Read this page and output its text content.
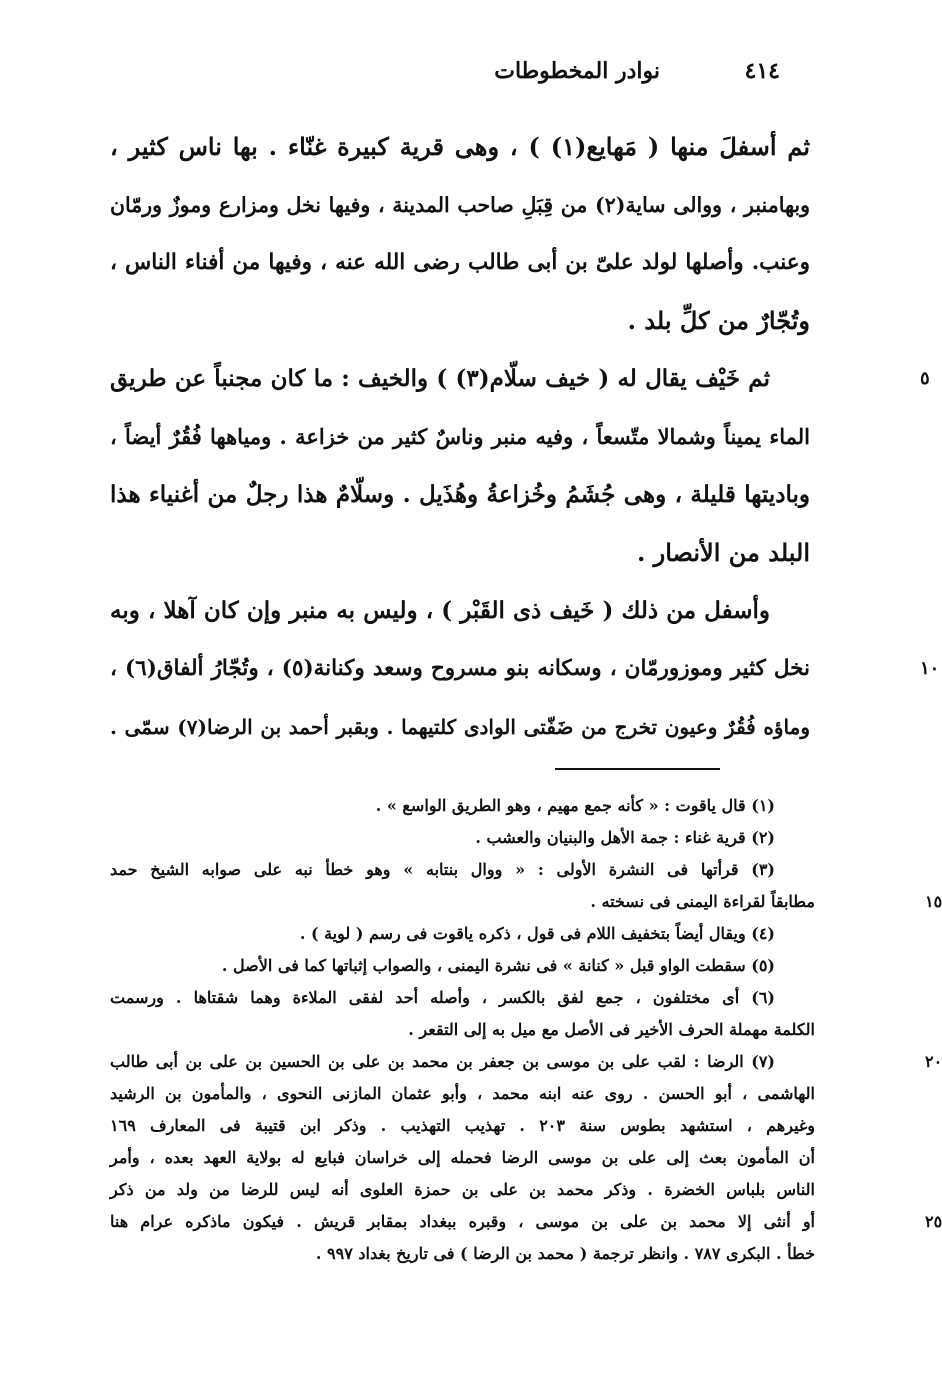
٤١٤
نوادر المخطوطات
ثم أسفلَ منها ( مَهايع(١) ) ، وهى قرية كبيرة غنّاء . بها ناس كثير ،
وبهامنبر ، ووالى ساية(٢) من قِبَلِ صاحب المدينة ، وفيها نخل ومزارع وموزٌ ورمّان
وعنب. وأصلها لولد علىّ بن أبى طالب رضى الله عنه ، وفيها من أفناء الناس ،
وتُجّارٌ من كلِّ بلد .
٥
ثم خَيْف يقال له ( خيف سلّام(٣) ) والخيف : ما كان مجنباً عن طريق
الماء يميناً وشمالا متّسعاً ، وفيه منبر وناسٌ كثير من خزاعة . ومياهها فُقُرٌ أيضاً ،
وباديتها قليلة ، وهى جُشَمُ وخُزاعةُ وهُذَيل . وسلّامٌ هذا رجلٌ من أغنياء هذا
البلد من الأنصار .
وأسفل من ذلك ( خَيف ذى القَبْر ) ، وليس به منبر وإن كان آهلا ، وبه
١٠
نخل كثير وموزورمّان ، وسكانه بنو مسروح وسعد وكنانة(٥) ، وتُجّارُ ألفاق(٦) ،
وماؤه فُقُرٌ وعيون تخرج من ضَفّتى الوادى كلتيهما . وبقبر أحمد بن الرضا(٧) سمّى .
(١) قال ياقوت : « كأنه جمع مهيم ، وهو الطريق الواسع » .
(٢) قرية غناء : جمة الأهل والبنيان والعشب .
(٣) قرأتها فى النشرة الأولى : « ووال بنتابه » وهو خطأ نبه على صوابه الشيخ حمد
١٥
مطابقاً لقراءة اليمنى فى نسخته .
(٤) ويقال أيضاً بتخفيف اللام فى قول ، ذكره ياقوت فى رسم ( لوية ) .
(٥) سقطت الواو قبل « كنانة » فى نشرة اليمنى ، والصواب إثباتها كما فى الأصل .
(٦) أى مختلفون ، جمع لفق بالكسر ، وأصله أحد لفقى الملاءة وهما شقتاها . ورسمت
الكلمة مهملة الحرف الأخير فى الأصل مع ميل به إلى التقعر .
٢٠
(٧) الرضا : لقب على بن موسى بن جعفر بن محمد بن على بن الحسين بن على بن أبى طالب
الهاشمى ، أبو الحسن . روى عنه ابنه محمد ، وأبو عثمان المازنى النحوى ، والمأمون بن الرشيد
وغيرهم ، استشهد بطوس سنة ٢٠٣ . تهذيب التهذيب . وذكر ابن قتيبة فى المعارف ١٦٩
أن المأمون بعث إلى على بن موسى الرضا فحمله إلى خراسان فبايع له بولاية العهد بعده ، وأمر
الناس بلباس الخضرة . وذكر محمد بن على بن حمزة العلوى أنه ليس للرضا من ولد من ذكر
٢٥
أو أنثى إلا محمد بن على بن موسى ، وقبره ببغداد بمقابر قريش . فيكون ماذكره عرام هنا
خطأ . البكرى ٧٨٧ . وانظر ترجمة ( محمد بن الرضا ) فى تاريخ بغداد ٩٩٧ .
